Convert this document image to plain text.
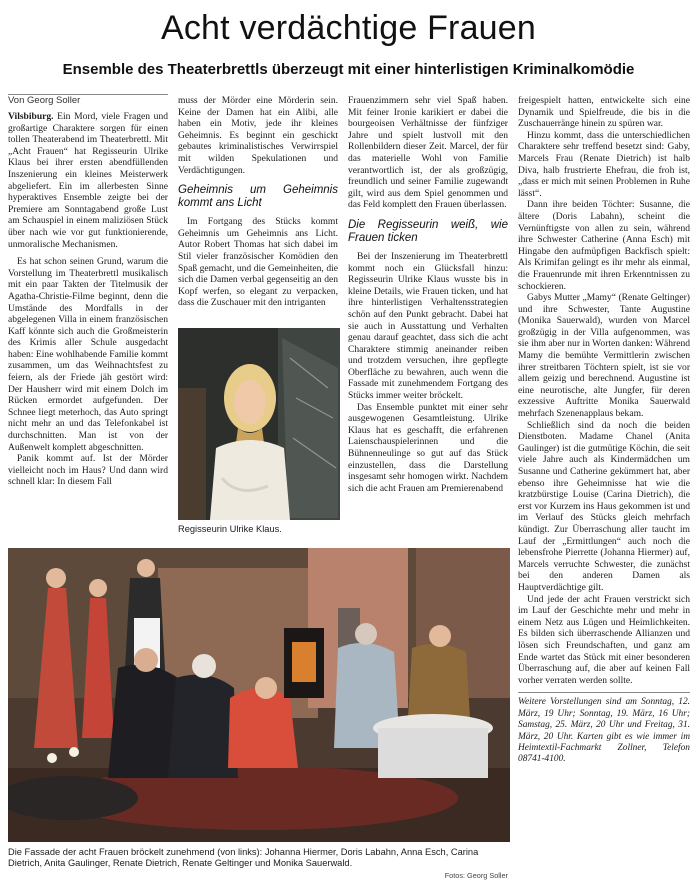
Acht verdächtige Frauen
Ensemble des Theaterbrettls überzeugt mit einer hinterlistigen Kriminalkomödie
Von Georg Soller

Vilsbiburg. Ein Mord, viele Fragen und großartige Charaktere sorgen für einen tollen Theaterabend im Theaterbrettl. Mit „Acht Frauen“ hat Regisseurin Ulrike Klaus bei ihrer ersten abendfüllenden Inszenierung ein kleines Meisterwerk abgeliefert. Ein im allerbesten Sinne hyperaktives Ensemble zeigte bei der Premiere am Sonntagabend große Lust am Schauspiel in einem maliziösen Stück über nach wie vor gut funktionierende, unmoralische Mechanismen.

Es hat schon seinen Grund, warum die Vorstellung im Theaterbrettl musikalisch mit ein paar Takten der Titelmusik der Agatha-Christie-Filme beginnt, denn die Umstände des Mordfalls in der abgelegenen Villa in einem französischen Kaff könnte sich auch die Großmeisterin des Krimis aller Schule ausgedacht haben: Eine wohlhabende Familie kommt zusammen, um das Weihnachtsfest zu feiern, als der Friede jäh gestört wird: Der Hausherr wird mit einem Dolch im Rücken ermordet aufgefunden. Der Schnee liegt meterhoch, das Auto springt nicht mehr an und das Telefonkabel ist durchschnitten. Man ist von der Außenwelt komplett abgeschnitten.

Panik kommt auf. Ist der Mörder vielleicht noch im Haus? Und dann wird schnell klar: In diesem Fall

muss der Mörder eine Mörderin sein. Keine der Damen hat ein Alibi, alle haben ein Motiv, jede ihr kleines Geheimnis. Es beginnt ein geschickt gebautes kriminalistisches Verwirrspiel mit wilden Spekulationen und Verdächtigungen.

Geheimnis um Geheimnis kommt ans Licht

Im Fortgang des Stücks kommt Geheimnis um Geheimnis ans Licht. Autor Robert Thomas hat sich dabei im Stil vieler französischer Komödien den Spaß gemacht, und die Gemeinheiten, die sich die Damen verbal gegenseitig an den Kopf werfen, so elegant zu verpacken, dass die Zuschauer mit den intriganten

Regisseurin Ulrike Klaus.

Frauenzimmern sehr viel Spaß haben. Mit feiner Ironie karikiert er dabei die bourgeoisen Verhältnisse der fünfziger Jahre und spielt lustvoll mit den Rollenbildern dieser Zeit. Marcel, der für das materielle Wohl von Familie verantwortlich ist, der als großzügig, freundlich und seiner Familie zugewandt gilt, wird aus dem Spiel genommen und das Feld komplett den Frauen überlassen.

Die Regisseurin weiß, wie Frauen ticken

Bei der Inszenierung im Theaterbrettl kommt noch ein Glücksfall hinzu: Regisseurin Ulrike Klaus wusste bis in kleine Details, wie Frauen ticken, und hat ihre hinterlistigen Verhaltensstrategien schön auf den Punkt gebracht. Dabei hat sie auch in Ausstattung und Verhalten genau darauf geachtet, dass sich die acht Charaktere stimmig aneinander reiben und trotzdem versuchen, ihre gepflegte Oberfläche zu bewahren, auch wenn die Fassade mit zunehmendem Fortgang des Stücks immer weiter bröckelt.

Das Ensemble punktet mit einer sehr ausgewogenen Gesamtleistung. Ulrike Klaus hat es geschafft, die erfahrenen Laienschauspielerinnen und die Bühnenneulinge so gut auf das Stück einzustellen, dass die Darstellung insgesamt sehr homogen wirkt. Nachdem sich die acht Frauen am Premierenabend

freigespielt hatten, entwickelte sich eine Dynamik und Spielfreude, die bis in die Zuschauerränge hinein zu spüren war.

Hinzu kommt, dass die unterschiedlichen Charaktere sehr treffend besetzt sind: Gaby, Marcels Frau (Renate Dietrich) ist halb Diva, halb frustrierte Ehefrau, die froh ist, „dass er mich mit seinen Problemen in Ruhe lässt“.

Dann ihre beiden Töchter: Susanne, die ältere (Doris Labahn), scheint die Vernünftigste von allen zu sein, während ihre Schwester Catherine (Anna Esch) mit Hingabe den aufmüpfigen Backfisch spielt: Als Krimifan gelingt es ihr mehr als einmal, die Frauenrunde mit ihren Erkenntnissen zu schockieren.

Gabys Mutter „Mamy“ (Renate Geltinger) und ihre Schwester, Tante Augustine (Monika Sauerwald), wurden von Marcel großzügig in der Villa aufgenommen, was sie ihm aber nur in Worten danken: Während Mamy die bemühte Vermittlerin zwischen ihrer streitbaren Töchtern spielt, ist sie vor allem geizig und berechnend. Augustine ist eine neurotische, alte Jungfer, für deren exzessive Auftritte Monika Sauerwald mehrfach Szenenapplaus bekam.

Schließlich sind da noch die beiden Dienstboten. Madame Chanel (Anita Gaulinger) ist die gutmütige Köchin, die seit viele Jahre auch als Kindermädchen um Susanne und Catherine gekümmert hat, aber ebenso ihre Geheimnisse hat wie die kratzbürstige Louise (Carina Dietrich), die erst vor Kurzem ins Haus gekommen ist und im Verlauf des Stücks gleich mehrfach kündigt. Zur Überraschung aller taucht im Lauf der „Ermittlungen“ auch noch die lebensfrohe Pierrette (Johanna Hiermer) auf, Marcels verruchte Schwester, die zunächst bei den anderen Damen als Hauptverdächtige gilt.

Und jede der acht Frauen verstrickt sich im Lauf der Geschichte mehr und mehr in einem Netz aus Lügen und Heimlichkeiten. Es bilden sich überraschende Allianzen und lösen sich Freundschaften, und ganz am Ende wartet das Stück mit einer besonderen Überraschung auf, die aber auf keinen Fall vorher verraten werden sollte.

Weitere Vorstellungen sind am Sonntag, 12. März, 19 Uhr; Sonntag, 19. März, 16 Uhr; Samstag, 25. März, 20 Uhr und Freitag, 31. März, 20 Uhr. Karten gibt es wie immer im Heimtextil-Fachmarkt Zollner, Telefon 08741-4100.
Die Fassade der acht Frauen bröckelt zunehmend (von links): Johanna Hiermer, Doris Labahn, Anna Esch, Carina Dietrich, Anita Gaulinger, Renate Dietrich, Renate Geltinger und Monika Sauerwald.
Fotos: Georg Soller
